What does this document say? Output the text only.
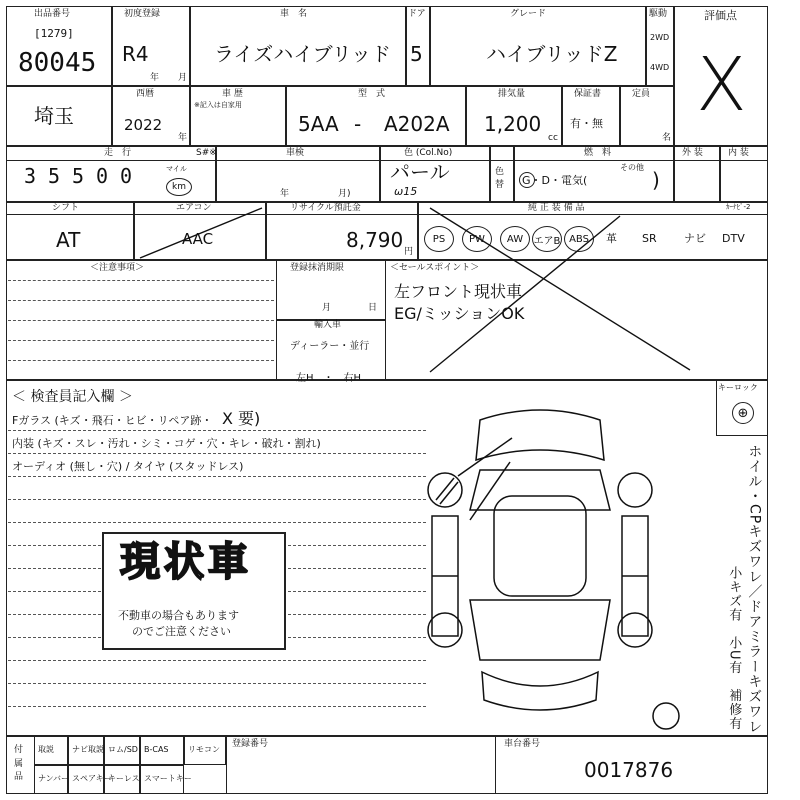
出品番号
[1279]
80045
初度登録
R4
年 月
車　名
ライズハイブリッド
ドア
5
グレード
ハイブリッドZ
駆動
2WD
4WD
評価点
X
埼玉
西暦
2022
年
車 歴
※記入は自家用
型　式
5AA - A202A
排気量
1,200
cc
保証書
有・無
定員
名
走　行
3 5 5 0 0	マイル
km
S#※	車検
年	月)
色 (Col.No)
パール
ω15
色替
燃　料
G・D・電気(
その他
)
外 装	内 装
シフト
AT
エアコン
AAC
リサイクル預託金
8,790 円
純 正 装 備 品	ｶｰﾅﾋﾞ-2
PS	PW	AW	エアB ABS	革 SR ナビ DTV
＜注意事項＞	登録抹消期限
月	日
輸入車
ディーラー・並行
左H　・　右H
＜セールスポイント＞
左フロント現状車
EG/ミッションOK
＜ 検査員記入欄 ＞
Fガラス (キズ・飛石・ヒビ・リペア跡・ X 要)
内装 (キズ・スレ・汚れ・シミ・コゲ・穴・キレ・破れ・割れ)
オーディオ (無し・穴) / タイヤ (スタッドレス)
現状車
不動車の場合もあります
のでご注意ください
キーロック
⊕
ホイル・CPキズワレ／ドアミラーキズワレ
小キズ有　小U有　補修有
付属品
取説 ナビ取説 ロム/SD B-CAS リモコン
ナンバー スペアキー
キーレス スマートキー
登録番号	車台番号
0017876
